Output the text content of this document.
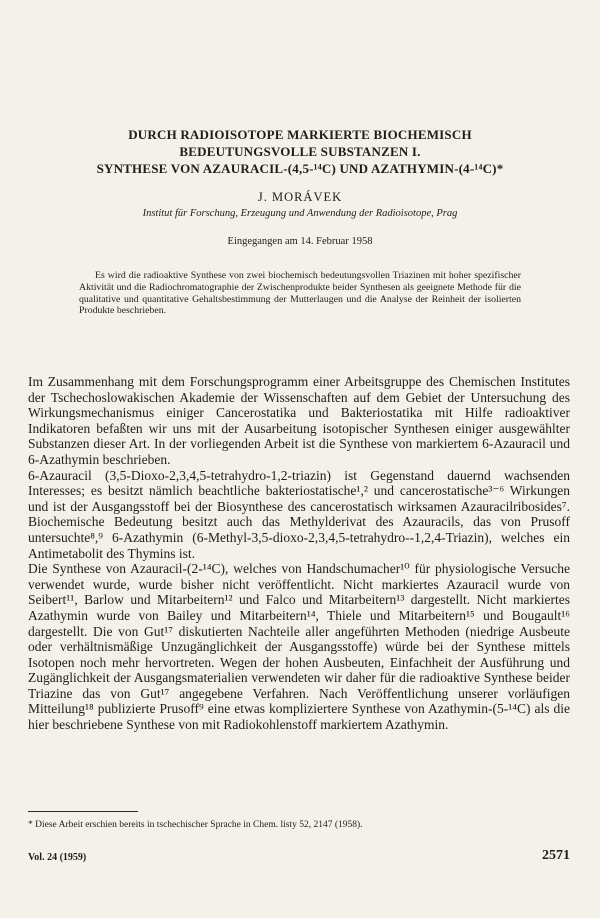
DURCH RADIOISOTOPE MARKIERTE BIOCHEMISCH
BEDEUTUNGSVOLLE SUBSTANZEN I.
SYNTHESE VON AZAURACIL-(4,5-¹⁴C) UND AZATHYMIN-(4-¹⁴C)*
J. MORÁVEK
Institut für Forschung, Erzeugung und Anwendung der Radioisotope, Prag
Eingegangen am 14. Februar 1958

Es wird die radioaktive Synthese von zwei biochemisch bedeutungsvollen Triazinen mit hoher spezifischer Aktivität und die Radiochromatographie der Zwischenprodukte beider Synthesen als geeignete Methode für die qualitative und quantitative Gehaltsbestimmung der Mutterlaugen und die Analyse der Reinheit der isolierten Produkte beschrieben.

Im Zusammenhang mit dem Forschungsprogramm einer Arbeitsgruppe des Chemischen Institutes der Tschechoslowakischen Akademie der Wissenschaften auf dem Gebiet der Untersuchung des Wirkungsmechanismus einiger Cancerostatika und Bakteriostatika mit Hilfe radioaktiver Indikatoren befaßten wir uns mit der Ausarbeitung isotopischer Synthesen einiger ausgewählter Substanzen dieser Art. In der vorliegenden Arbeit ist die Synthese von markiertem 6-Azauracil und 6-Azathymin beschrieben.

6-Azauracil (3,5-Dioxo-2,3,4,5-tetrahydro-1,2-triazin) ist Gegenstand dauernd wachsenden Interesses; es besitzt nämlich beachtliche bakteriostatische¹,² und cancerostatische³⁻⁶ Wirkungen und ist der Ausgangsstoff bei der Biosynthese des cancerostatisch wirksamen Azauracilribosides⁷. Biochemische Bedeutung besitzt auch das Methylderivat des Azauracils, das von Prusoff untersuchte⁸,⁹ 6-Azathymin (6-Methyl-3,5-dioxo-2,3,4,5-tetrahydro--1,2,4-Triazin), welches ein Antimetabolit des Thymins ist.

Die Synthese von Azauracil-(2-¹⁴C), welches von Handschumacher¹⁰ für physiologische Versuche verwendet wurde, wurde bisher nicht veröffentlicht. Nicht markiertes Azauracil wurde von Seibert¹¹, Barlow und Mitarbeitern¹² und Falco und Mitarbeitern¹³ dargestellt. Nicht markiertes Azathymin wurde von Bailey und Mitarbeitern¹⁴, Thiele und Mitarbeitern¹⁵ und Bougault¹⁶ dargestellt. Die von Gut¹⁷ diskutierten Nachteile aller angeführten Methoden (niedrige Ausbeute oder verhältnismäßige Unzugänglichkeit der Ausgangsstoffe) würde bei der Synthese mittels Isotopen noch mehr hervortreten. Wegen der hohen Ausbeuten, Einfachheit der Ausführung und Zugänglichkeit der Ausgangsmaterialien verwendeten wir daher für die radioaktive Synthese beider Triazine das von Gut¹⁷ angegebene Verfahren. Nach Veröffentlichung unserer vorläufigen Mitteilung¹⁸ publizierte Prusoff⁹ eine etwas kompliziertere Synthese von Azathymin-(5-¹⁴C) als die hier beschriebene Synthese von mit Radiokohlenstoff markiertem Azathymin.

* Diese Arbeit erschien bereits in tschechischer Sprache in Chem. listy 52, 2147 (1958).
Vol. 24 (1959)	2571
